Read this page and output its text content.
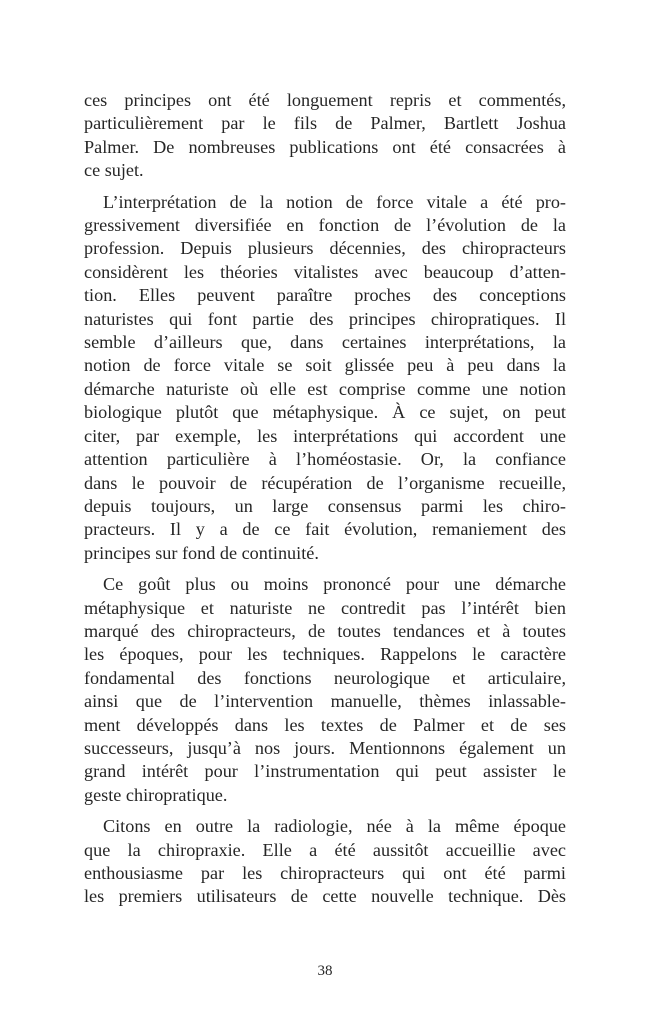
ces principes ont été longuement repris et commentés,
particulièrement par le fils de Palmer, Bartlett Joshua
Palmer. De nombreuses publications ont été consacrées à
ce sujet.

L’interprétation de la notion de force vitale a été pro-
gressivement diversifiée en fonction de l’évolution de la
profession. Depuis plusieurs décennies, des chiropracteurs
considèrent les théories vitalistes avec beaucoup d’atten-
tion. Elles peuvent paraître proches des conceptions
naturistes qui font partie des principes chiropratiques. Il
semble d’ailleurs que, dans certaines interprétations, la
notion de force vitale se soit glissée peu à peu dans la
démarche naturiste où elle est comprise comme une notion
biologique plutôt que métaphysique. À ce sujet, on peut
citer, par exemple, les interprétations qui accordent une
attention particulière à l’homéostasie. Or, la confiance
dans le pouvoir de récupération de l’organisme recueille,
depuis toujours, un large consensus parmi les chiro-
practeurs. Il y a de ce fait évolution, remaniement des
principes sur fond de continuité.

Ce goût plus ou moins prononcé pour une démarche
métaphysique et naturiste ne contredit pas l’intérêt bien
marqué des chiropracteurs, de toutes tendances et à toutes
les époques, pour les techniques. Rappelons le caractère
fondamental des fonctions neurologique et articulaire,
ainsi que de l’intervention manuelle, thèmes inlassable-
ment développés dans les textes de Palmer et de ses
successeurs, jusqu’à nos jours. Mentionnons également un
grand intérêt pour l’instrumentation qui peut assister le
geste chiropratique.

Citons en outre la radiologie, née à la même époque
que la chiropraxie. Elle a été aussitôt accueillie avec
enthousiasme par les chiropracteurs qui ont été parmi
les premiers utilisateurs de cette nouvelle technique. Dès

38
